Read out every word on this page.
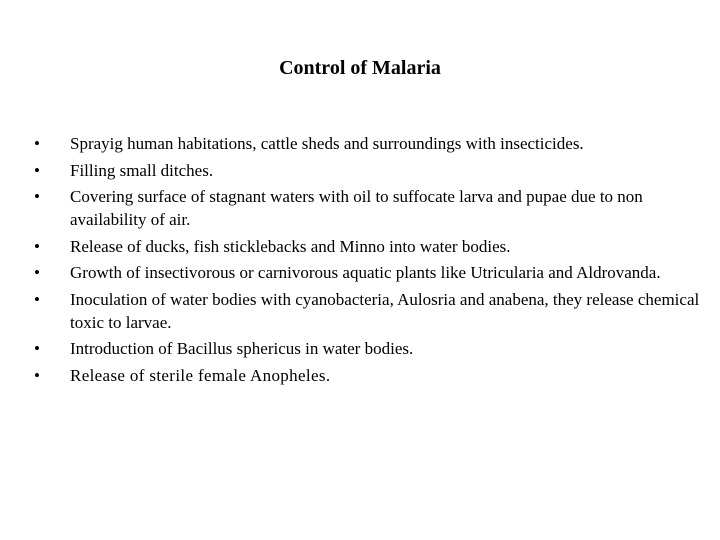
Control of Malaria
• Sprayig human habitations, cattle sheds and surroundings with insecticides.
• Filling small ditches.
• Covering surface of stagnant waters with oil to suffocate larva and pupae due to non availability of air.
• Release of ducks, fish sticklebacks and Minno into water bodies.
• Growth of insectivorous or carnivorous aquatic plants like Utricularia and Aldrovanda.
• Inoculation of water bodies with cyanobacteria, Aulosria and anabena, they release chemical toxic to larvae.
• Introduction of Bacillus sphericus in water bodies.
• Release of sterile female Anopheles.
